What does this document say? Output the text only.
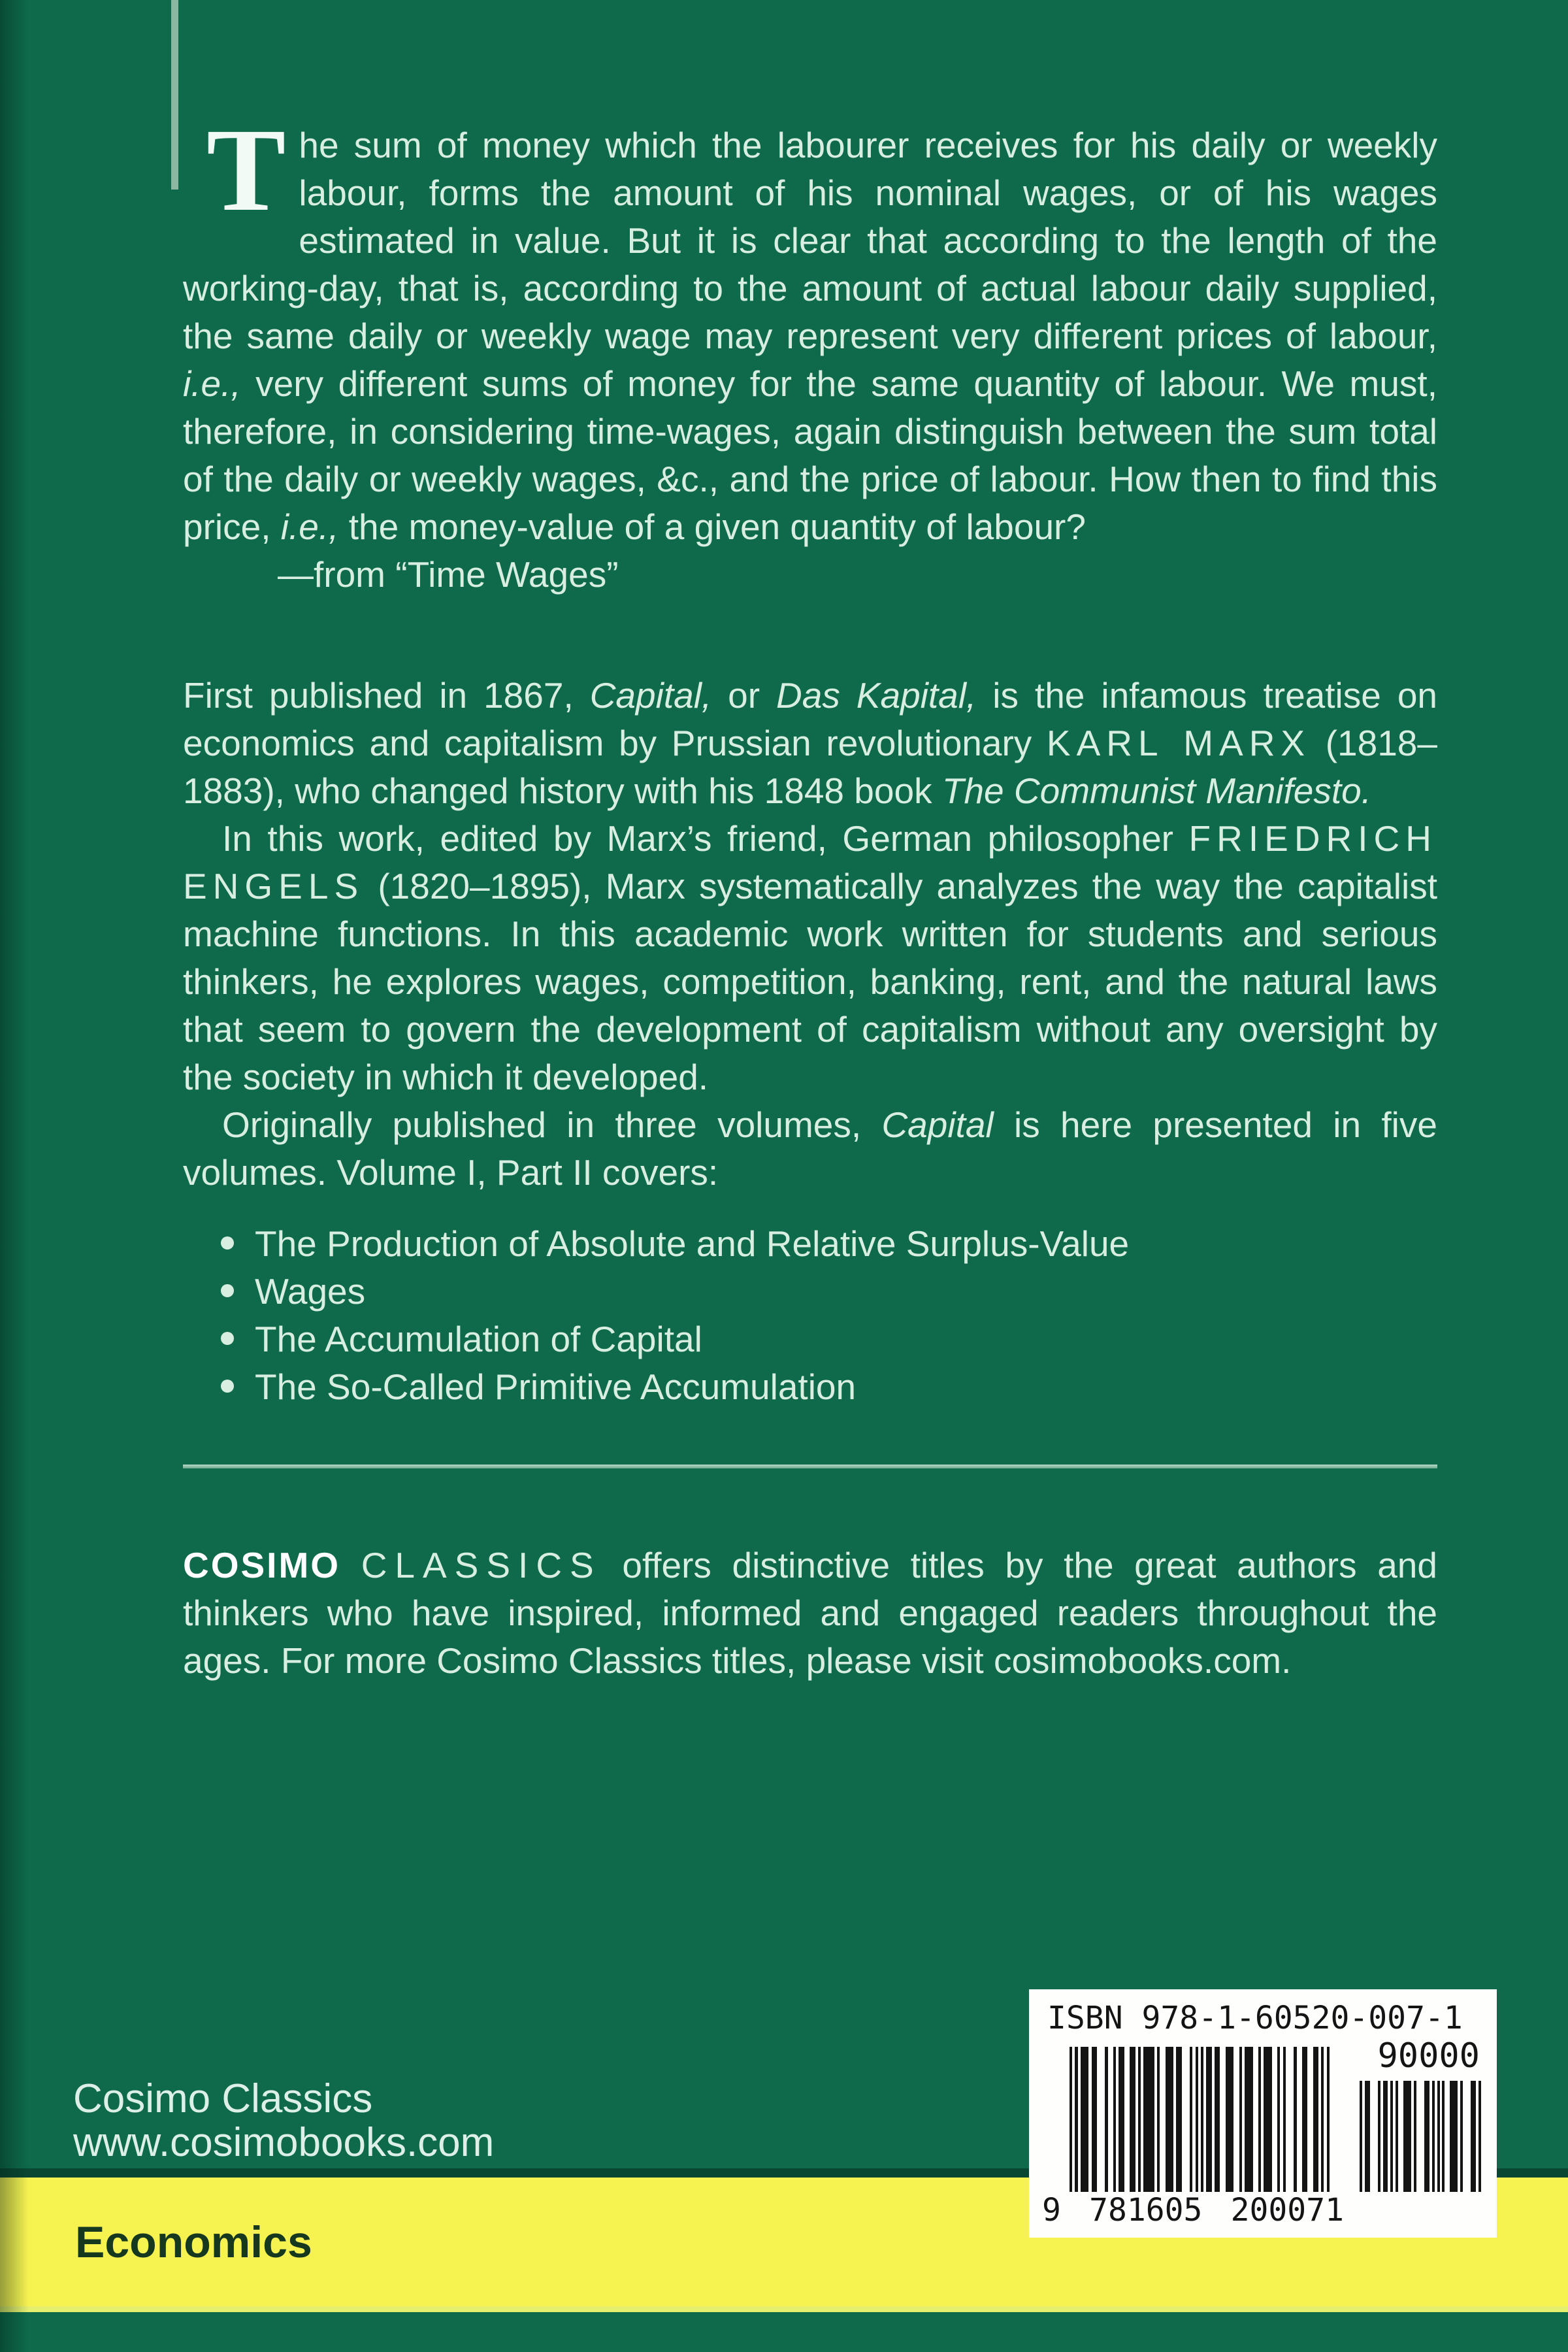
The sum of money which the labourer receives for his daily or weekly labour, forms the amount of his nominal wages, or of his wages estimated in value. But it is clear that according to the length of the working-day, that is, according to the amount of actual labour daily supplied, the same daily or weekly wage may represent very different prices of labour, i.e., very different sums of money for the same quantity of labour. We must, therefore, in considering time-wages, again distinguish between the sum total of the daily or weekly wages, &c., and the price of labour. How then to find this price, i.e., the money-value of a given quantity of labour?

—from “Time Wages”

First published in 1867, Capital, or Das Kapital, is the infamous treatise on economics and capitalism by Prussian revolutionary KARL MARX (1818–1883), who changed history with his 1848 book The Communist Manifesto.

In this work, edited by Marx’s friend, German philosopher FRIEDRICH ENGELS (1820–1895), Marx systematically analyzes the way the capitalist machine functions. In this academic work written for students and serious thinkers, he explores wages, competition, banking, rent, and the natural laws that seem to govern the development of capitalism without any oversight by the society in which it developed.

Originally published in three volumes, Capital is here presented in five volumes. Volume I, Part II covers:

The Production of Absolute and Relative Surplus-Value
Wages
The Accumulation of Capital
The So-Called Primitive Accumulation

COSIMO CLASSICS offers distinctive titles by the great authors and thinkers who have inspired, informed and engaged readers throughout the ages. For more Cosimo Classics titles, please visit cosimobooks.com.

Cosimo Classics
www.cosimobooks.com
Economics
ISBN 978-1-60520-007-1
90000
9 781605 200071
